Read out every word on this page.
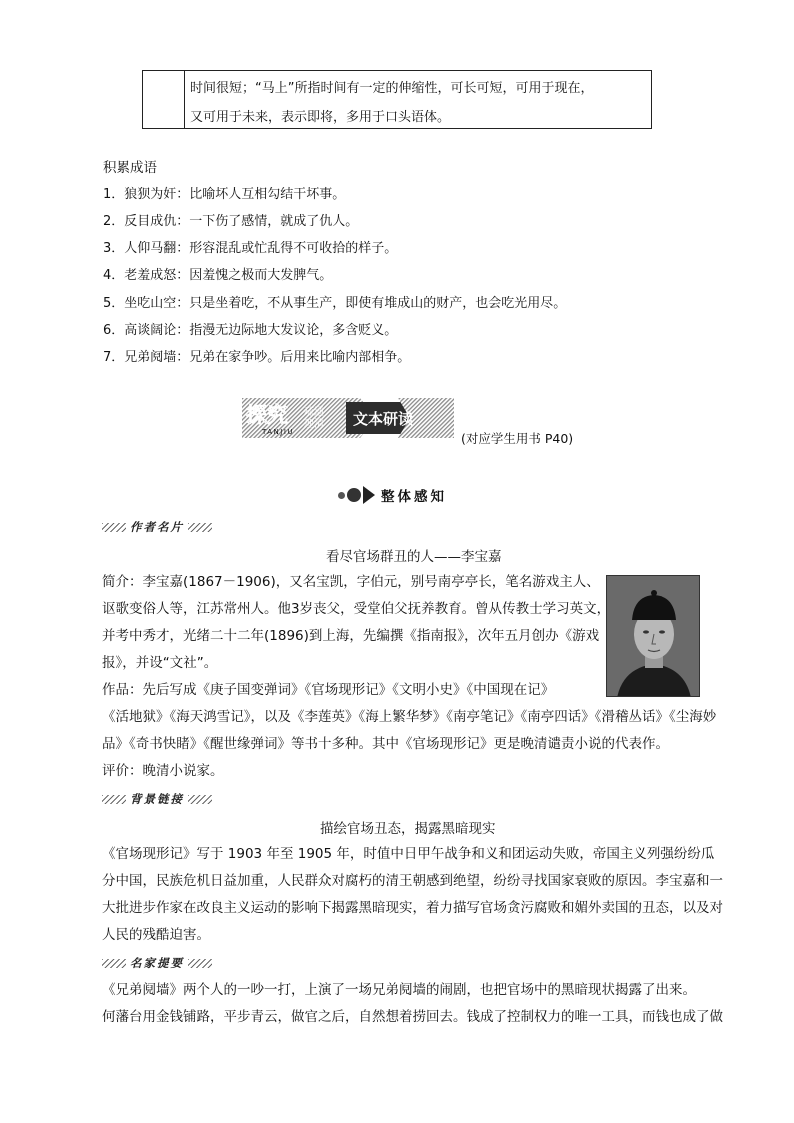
时间很短；“马上”所指时间有一定的伸缩性，可长可短，可用于现在，
又可用于未来，表示即将，多用于口头语体。
积累成语
1．狼狈为奸：比喻坏人互相勾结干坏事。
2．反目成仇：一下伤了感情，就成了仇人。
3．人仰马翻：形容混乱或忙乱得不可收拾的样子。
4．老羞成怒：因羞愧之极而大发脾气。
5．坐吃山空：只是坐着吃，不从事生产，即使有堆成山的财产，也会吃光用尽。
6．高谈阔论：指漫无边际地大发议论，多含贬义。
7．兄弟阋墙：兄弟在家争吵。后用来比喻内部相争。
探究
TANJIU
疏通
理清 文本研读
(对应学生用书 P40)
整体感知
作者名片
看尽官场群丑的人——李宝嘉
简介：李宝嘉(1867－1906)，又名宝凯，字伯元，别号南亭亭长，笔名游戏主人、
讴歌变俗人等，江苏常州人。他3岁丧父，受堂伯父抚养教育。曾从传教士学习英文，
并考中秀才，光绪二十二年(1896)到上海，先编撰《指南报》，次年五月创办《游戏
报》，并设“文社”。
作品：先后写成《庚子国变弹词》《官场现形记》《文明小史》《中国现在记》
《活地狱》《海天鸿雪记》，以及《李莲英》《海上繁华梦》《南亭笔记》《南亭四话》《滑稽丛话》《尘海妙
品》《奇书快睹》《醒世缘弹词》等书十多种。其中《官场现形记》更是晚清谴责小说的代表作。
评价：晚清小说家。
背景链接
描绘官场丑态，揭露黑暗现实
《官场现形记》写于 1903 年至 1905 年，时值中日甲午战争和义和团运动失败，帝国主义列强纷纷瓜
分中国，民族危机日益加重，人民群众对腐朽的清王朝感到绝望，纷纷寻找国家衰败的原因。李宝嘉和一
大批进步作家在改良主义运动的影响下揭露黑暗现实，着力描写官场贪污腐败和媚外卖国的丑态，以及对
人民的残酷迫害。
名家提要
《兄弟阋墙》两个人的一吵一打，上演了一场兄弟阋墙的闹剧，也把官场中的黑暗现状揭露了出来。
何藩台用金钱铺路，平步青云，做官之后，自然想着捞回去。钱成了控制权力的唯一工具，而钱也成了做
